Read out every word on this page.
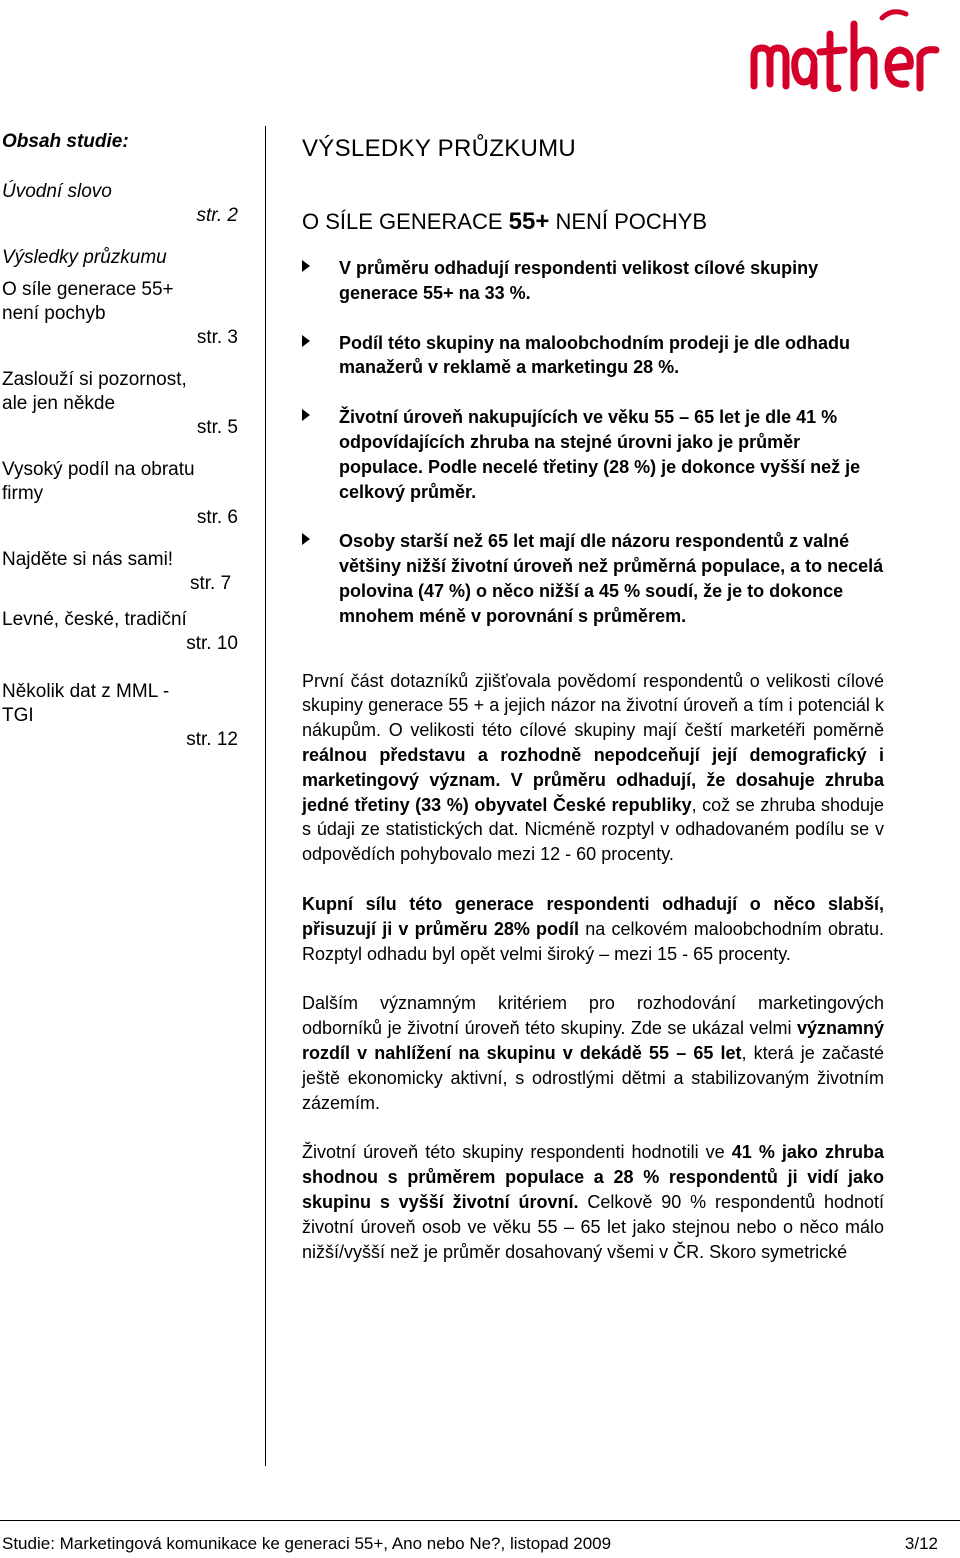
Obsah studie:
Úvodní slovo
str. 2
Výsledky průzkumu
O síle generace 55+
není pochyb
str. 3
Zaslouží si pozornost,
ale jen někde
str. 5
Vysoký podíl na obratu
firmy
str. 6
Najděte si nás sami!
str. 7
Levné, české, tradiční
str. 10
Několik dat z MML -
TGI
str. 12
VÝSLEDKY PRŮZKUMU
O SÍLE GENERACE 55+ NENÍ POCHYB
V průměru odhadují respondenti velikost cílové skupiny generace 55+ na 33 %.
Podíl této skupiny na maloobchodním prodeji je dle odhadu manažerů v reklamě a marketingu 28 %.
Životní úroveň nakupujících ve věku 55 – 65 let je dle 41 % odpovídajících zhruba na stejné úrovni jako je průměr populace. Podle necelé třetiny (28 %) je dokonce vyšší než je celkový průměr.
Osoby starší než 65 let mají dle názoru respondentů z valné většiny nižší životní úroveň než průměrná populace, a to necelá polovina (47 %) o něco nižší a 45 % soudí, že je to dokonce mnohem méně v porovnání s průměrem.

První část dotazníků zjišťovala povědomí respondentů o velikosti cílové skupiny generace 55 + a jejich názor na životní úroveň a tím i potenciál k nákupům. O velikosti této cílové skupiny mají čeští marketéři poměrně reálnou představu a rozhodně nepodceňují její demografický i marketingový význam. V průměru odhadují, že dosahuje zhruba jedné třetiny (33 %) obyvatel České republiky, což se zhruba shoduje s údaji ze statistických dat. Nicméně rozptyl v odhadovaném podílu se v odpovědích pohybovalo mezi 12 - 60 procenty.

Kupní sílu této generace respondenti odhadují o něco slabší, přisuzují ji v průměru 28% podíl na celkovém maloobchodním obratu. Rozptyl odhadu byl opět velmi široký – mezi 15 - 65 procenty.

Dalším významným kritériem pro rozhodování marketingových odborníků je životní úroveň této skupiny. Zde se ukázal velmi významný rozdíl v nahlížení na skupinu v dekádě 55 – 65 let, která je začasté ještě ekonomicky aktivní, s odrostlými dětmi a stabilizovaným životním zázemím.

Životní úroveň této skupiny respondenti hodnotili ve 41 % jako zhruba shodnou s průměrem populace a 28 % respondentů ji vidí jako skupinu s vyšší životní úrovní. Celkově 90 % respondentů hodnotí životní úroveň osob ve věku 55 – 65 let jako stejnou nebo o něco málo nižší/vyšší než je průměr dosahovaný všemi v ČR. Skoro symetrické

Studie: Marketingová komunikace ke generaci 55+, Ano nebo Ne?, listopad 2009	3/12
